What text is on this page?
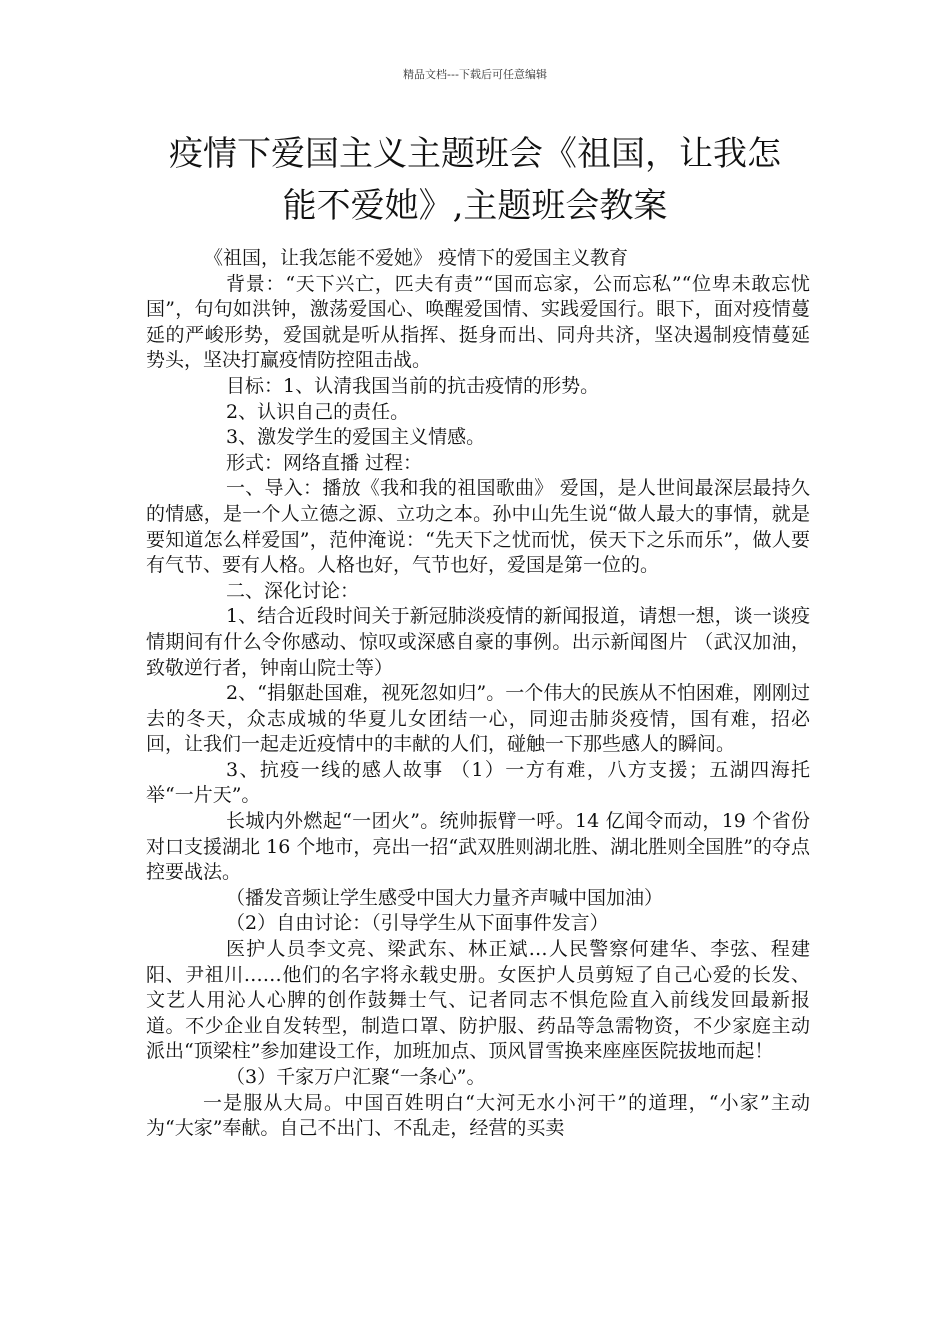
精品文档---下载后可任意编辑
疫情下爱国主义主题班会《祖国，让我怎
能不爱她》,主题班会教案

《祖国，让我怎能不爱她》 疫情下的爱国主义教育

背景：“天下兴亡，匹夫有责”“国而忘家，公而忘私”“位卑未敢忘忧国”，句句如洪钟，激荡爱国心、唤醒爱国情、实践爱国行。眼下，面对疫情蔓延的严峻形势，爱国就是听从指挥、挺身而出、同舟共济，坚决遏制疫情蔓延势头，坚决打赢疫情防控阻击战。

目标：1、认清我国当前的抗击疫情的形势。

2、认识自己的责任。

3、激发学生的爱国主义情感。

形式：网络直播 过程：

一、导入：播放《我和我的祖国歌曲》 爱国，是人世间最深层最持久的情感，是一个人立德之源、立功之本。孙中山先生说“做人最大的事情，就是要知道怎么样爱国”，范仲淹说：“先天下之忧而忧，侯天下之乐而乐”，做人要有气节、要有人格。人格也好，气节也好，爱国是第一位的。

二、深化讨论：

1、结合近段时间关于新冠肺淡疫情的新闻报道，请想一想，谈一谈疫情期间有什么令你感动、惊叹或深感自豪的事例。出示新闻图片 （武汉加油，致敬逆行者，钟南山院士等）

2、“捐躯赴国难，视死忽如归”。一个伟大的民族从不怕困难，刚刚过去的冬天，众志成城的华夏儿女团结一心，同迎击肺炎疫情，国有难，招必回，让我们一起走近疫情中的丰献的人们，碰触一下那些感人的瞬间。

3、抗疫一线的感人故事 （1）一方有难，八方支援；五湖四海托举“一片天”。

长城内外燃起“一团火”。统帅振臂一呼。14 亿闻令而动，19 个省份对口支援湖北 16 个地市，亮出一招“武双胜则湖北胜、湖北胜则全国胜”的夺点控要战法。

（播发音频让学生感受中国大力量齐声喊中国加油）

（2）自由讨论：（引导学生从下面事件发言）

医护人员李文亮、梁武东、林正斌…人民警察何建华、李弦、程建阳、尹祖川……他们的名字将永载史册。女医护人员剪短了自己心爱的长发、文艺人用沁人心脾的创作鼓舞士气、记者同志不惧危险直入前线发回最新报道。不少企业自发转型，制造口罩、防护服、药品等急需物资，不少家庭主动派出“顶梁柱”参加建设工作，加班加点、顶风冒雪换来座座医院拔地而起！

（3）千家万户汇聚“一条心”。

一是服从大局。中国百姓明白“大河无水小河干”的道理，“小家”主动为“大家”奉献。自己不出门、不乱走，经营的买卖
